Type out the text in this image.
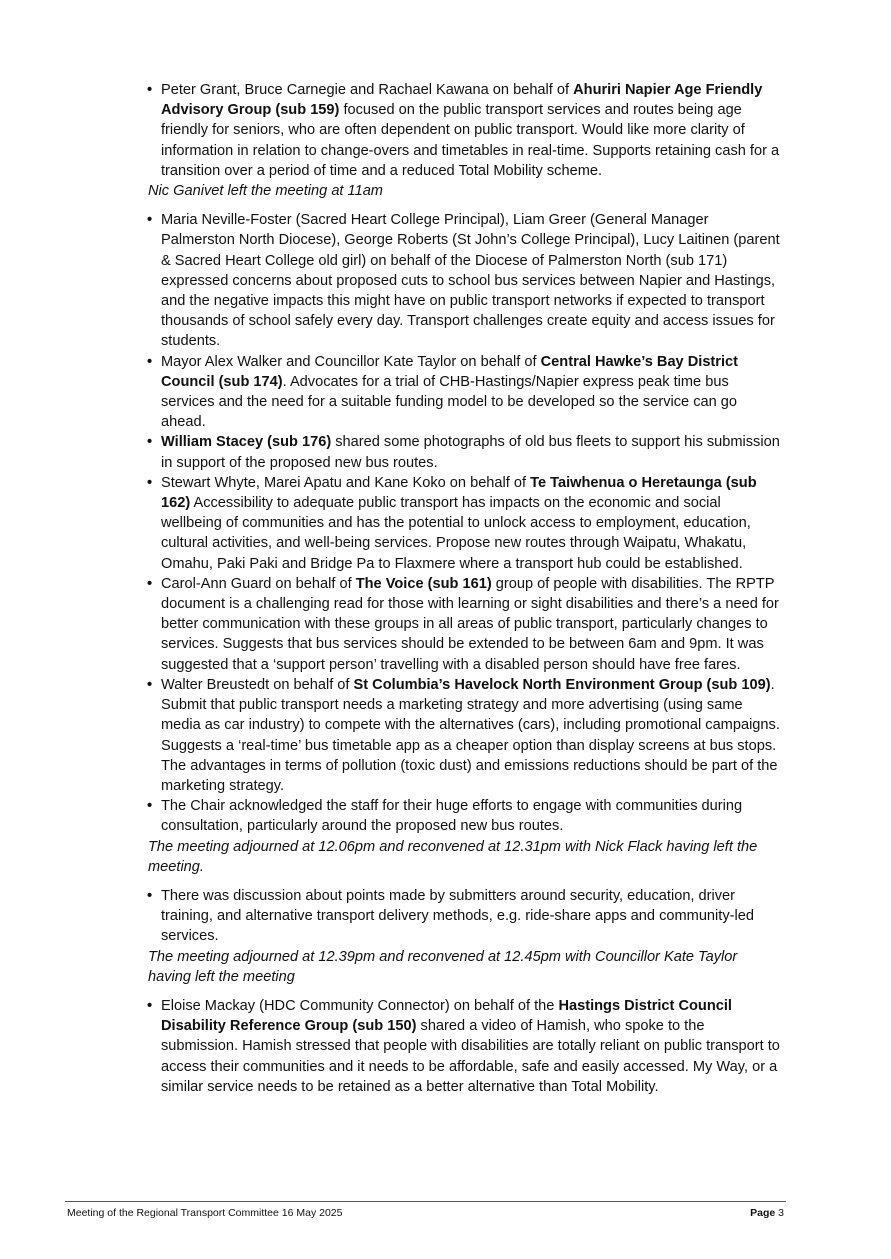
• Peter Grant, Bruce Carnegie and Rachael Kawana on behalf of Ahuriri Napier Age Friendly Advisory Group (sub 159) focused on the public transport services and routes being age friendly for seniors, who are often dependent on public transport. Would like more clarity of information in relation to change-overs and timetables in real-time. Supports retaining cash for a transition over a period of time and a reduced Total Mobility scheme.

Nic Ganivet left the meeting at 11am

• Maria Neville-Foster (Sacred Heart College Principal), Liam Greer (General Manager Palmerston North Diocese), George Roberts (St John’s College Principal), Lucy Laitinen (parent & Sacred Heart College old girl) on behalf of the Diocese of Palmerston North (sub 171) expressed concerns about proposed cuts to school bus services between Napier and Hastings, and the negative impacts this might have on public transport networks if expected to transport thousands of school safely every day. Transport challenges create equity and access issues for students.
• Mayor Alex Walker and Councillor Kate Taylor on behalf of Central Hawke’s Bay District Council (sub 174). Advocates for a trial of CHB-Hastings/Napier express peak time bus services and the need for a suitable funding model to be developed so the service can go ahead.
• William Stacey (sub 176) shared some photographs of old bus fleets to support his submission in support of the proposed new bus routes.
• Stewart Whyte, Marei Apatu and Kane Koko on behalf of Te Taiwhenua o Heretaunga (sub 162) Accessibility to adequate public transport has impacts on the economic and social wellbeing of communities and has the potential to unlock access to employment, education, cultural activities, and well-being services. Propose new routes through Waipatu, Whakatu, Omahu, Paki Paki and Bridge Pa to Flaxmere where a transport hub could be established.
• Carol-Ann Guard on behalf of The Voice (sub 161) group of people with disabilities. The RPTP document is a challenging read for those with learning or sight disabilities and there’s a need for better communication with these groups in all areas of public transport, particularly changes to services. Suggests that bus services should be extended to be between 6am and 9pm. It was suggested that a ‘support person’ travelling with a disabled person should have free fares.
• Walter Breustedt on behalf of St Columbia’s Havelock North Environment Group (sub 109). Submit that public transport needs a marketing strategy and more advertising (using same media as car industry) to compete with the alternatives (cars), including promotional campaigns. Suggests a ‘real-time’ bus timetable app as a cheaper option than display screens at bus stops. The advantages in terms of pollution (toxic dust) and emissions reductions should be part of the marketing strategy.
• The Chair acknowledged the staff for their huge efforts to engage with communities during consultation, particularly around the proposed new bus routes.

The meeting adjourned at 12.06pm and reconvened at 12.31pm with Nick Flack having left the meeting.

• There was discussion about points made by submitters around security, education, driver training, and alternative transport delivery methods, e.g. ride-share apps and community-led services.

The meeting adjourned at 12.39pm and reconvened at 12.45pm with Councillor Kate Taylor having left the meeting

• Eloise Mackay (HDC Community Connector) on behalf of the Hastings District Council Disability Reference Group (sub 150) shared a video of Hamish, who spoke to the submission. Hamish stressed that people with disabilities are totally reliant on public transport to access their communities and it needs to be affordable, safe and easily accessed. My Way, or a similar service needs to be retained as a better alternative than Total Mobility.
Meeting of the Regional Transport Committee 16 May 2025	Page 3
